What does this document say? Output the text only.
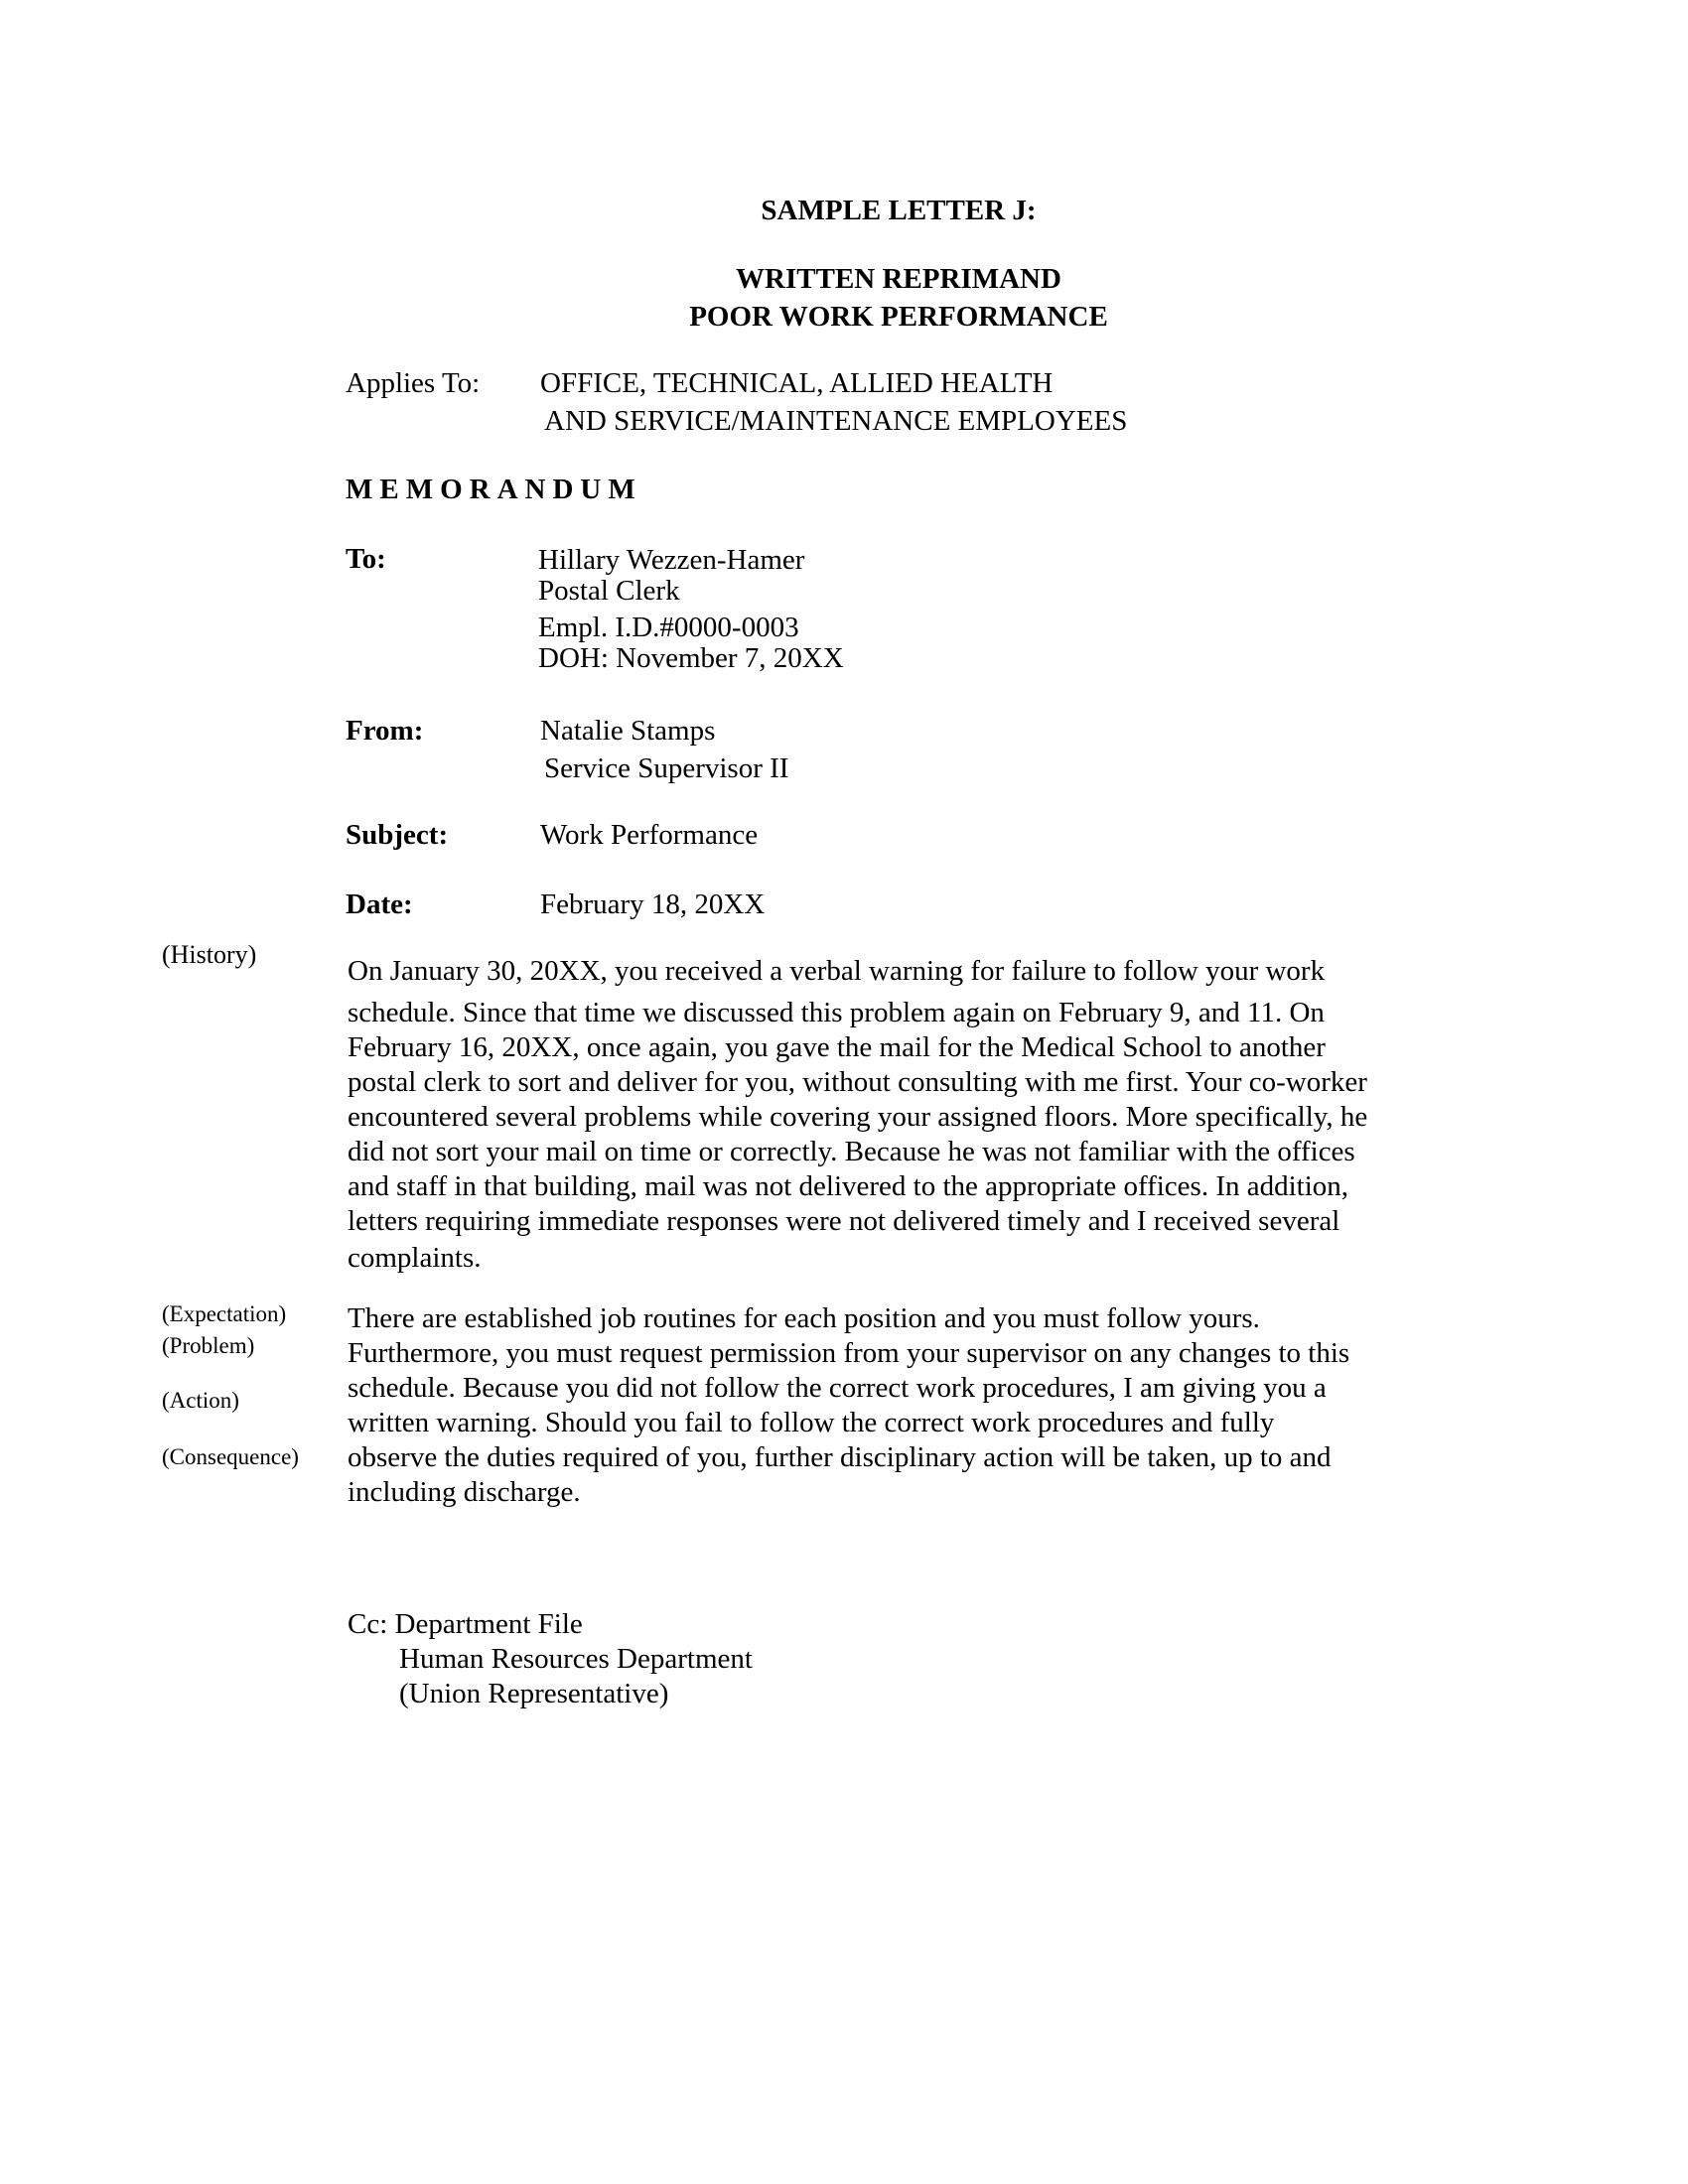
SAMPLE LETTER J:
WRITTEN REPRIMAND
POOR WORK PERFORMANCE
Applies To: OFFICE, TECHNICAL, ALLIED HEALTH
AND SERVICE/MAINTENANCE EMPLOYEES
MEMORANDUM
To:	Hillary Wezzen-Hamer
Postal Clerk
Empl. I.D.#0000-0003
DOH: November 7, 20XX
From:	Natalie Stamps
Service Supervisor II
Subject:	Work Performance
Date:	February 18, 20XX
(History)
(Expectation)
(Problem)
(Action)
(Consequence)
On January 30, 20XX, you received a verbal warning for failure to follow your work
schedule. Since that time we discussed this problem again on February 9, and 11. On
February 16, 20XX, once again, you gave the mail for the Medical School to another
postal clerk to sort and deliver for you, without consulting with me first. Your co-worker
encountered several problems while covering your assigned floors. More specifically, he
did not sort your mail on time or correctly. Because he was not familiar with the offices
and staff in that building, mail was not delivered to the appropriate offices. In addition,
letters requiring immediate responses were not delivered timely and I received several
complaints.
There are established job routines for each position and you must follow yours.
Furthermore, you must request permission from your supervisor on any changes to this
schedule. Because you did not follow the correct work procedures, I am giving you a
written warning. Should you fail to follow the correct work procedures and fully
observe the duties required of you, further disciplinary action will be taken, up to and
including discharge.
Cc: Department File
Human Resources Department
(Union Representative)
